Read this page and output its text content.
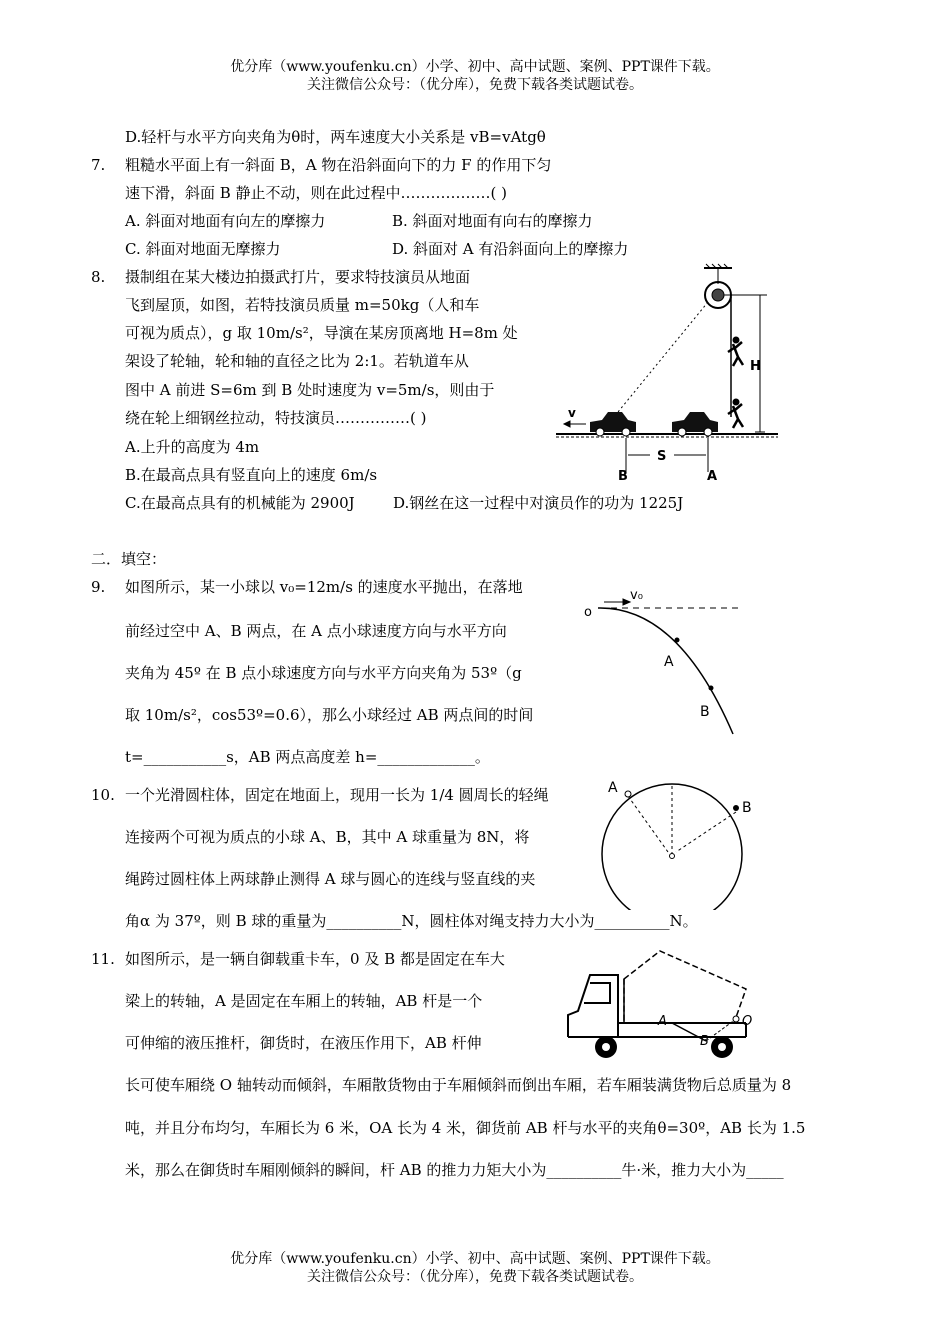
优分库（www.youfenku.cn）小学、初中、高中试题、案例、PPT课件下载。
关注微信公众号：（优分库），免费下载各类试题试卷。
D.轻杆与水平方向夹角为θ时，两车速度大小关系是 vB=vAtgθ
7. 粗糙水平面上有一斜面 B，A 物在沿斜面向下的力 F 的作用下匀
速下滑，斜面 B 静止不动，则在此过程中………………( )
A. 斜面对地面有向左的摩擦力	B. 斜面对地面有向右的摩擦力
C. 斜面对地面无摩擦力	D. 斜面对 A 有沿斜面向上的摩擦力
8. 摄制组在某大楼边拍摄武打片，要求特技演员从地面
飞到屋顶，如图，若特技演员质量 m=50kg（人和车
可视为质点），g 取 10m/s²，导演在某房顶离地 H=8m 处
架设了轮轴，轮和轴的直径之比为 2:1。若轨道车从
图中 A 前进 S=6m 到 B 处时速度为 v=5m/s，则由于
绕在轮上细钢丝拉动，特技演员……………( )
A.上升的高度为 4m
B.在最高点具有竖直向上的速度 6m/s
C.在最高点具有的机械能为 2900J	D.钢丝在这一过程中对演员作的功为 1225J
H
v
B
S
A
二．填空：
9. 如图所示，某一小球以 v₀=12m/s 的速度水平抛出，在落地
前经过空中 A、B 两点，在 A 点小球速度方向与水平方向
夹角为 45º 在 B 点小球速度方向与水平方向夹角为 53º（g
取 10m/s²，cos53º=0.6），那么小球经过 AB 两点间的时间
t=___________s，AB 两点高度差 h=_____________。
o
v₀
A
B
10. 一个光滑圆柱体，固定在地面上，现用一长为 1/4 圆周长的轻绳
连接两个可视为质点的小球 A、B，其中 A 球重量为 8N，将
绳跨过圆柱体上两球静止测得 A 球与圆心的连线与竖直线的夹
角α 为 37º，则 B 球的重量为__________N，圆柱体对绳支持力大小为__________N。
A
B
11. 如图所示，是一辆自御载重卡车，0 及 B 都是固定在车大
梁上的转轴，A 是固定在车厢上的转轴，AB 杆是一个
可伸缩的液压推杆，御货时，在液压作用下，AB 杆伸
长可使车厢绕 O 轴转动而倾斜，车厢散货物由于车厢倾斜而倒出车厢，若车厢装满货物后总质量为 8
吨，并且分布均匀，车厢长为 6 米，OA 长为 4 米，御货前 AB 杆与水平的夹角θ=30º，AB 长为 1.5
米，那么在御货时车厢刚倾斜的瞬间，杆 AB 的推力力矩大小为__________牛·米，推力大小为_____
A
B
O
优分库（www.youfenku.cn）小学、初中、高中试题、案例、PPT课件下载。
关注微信公众号：（优分库），免费下载各类试题试卷。
